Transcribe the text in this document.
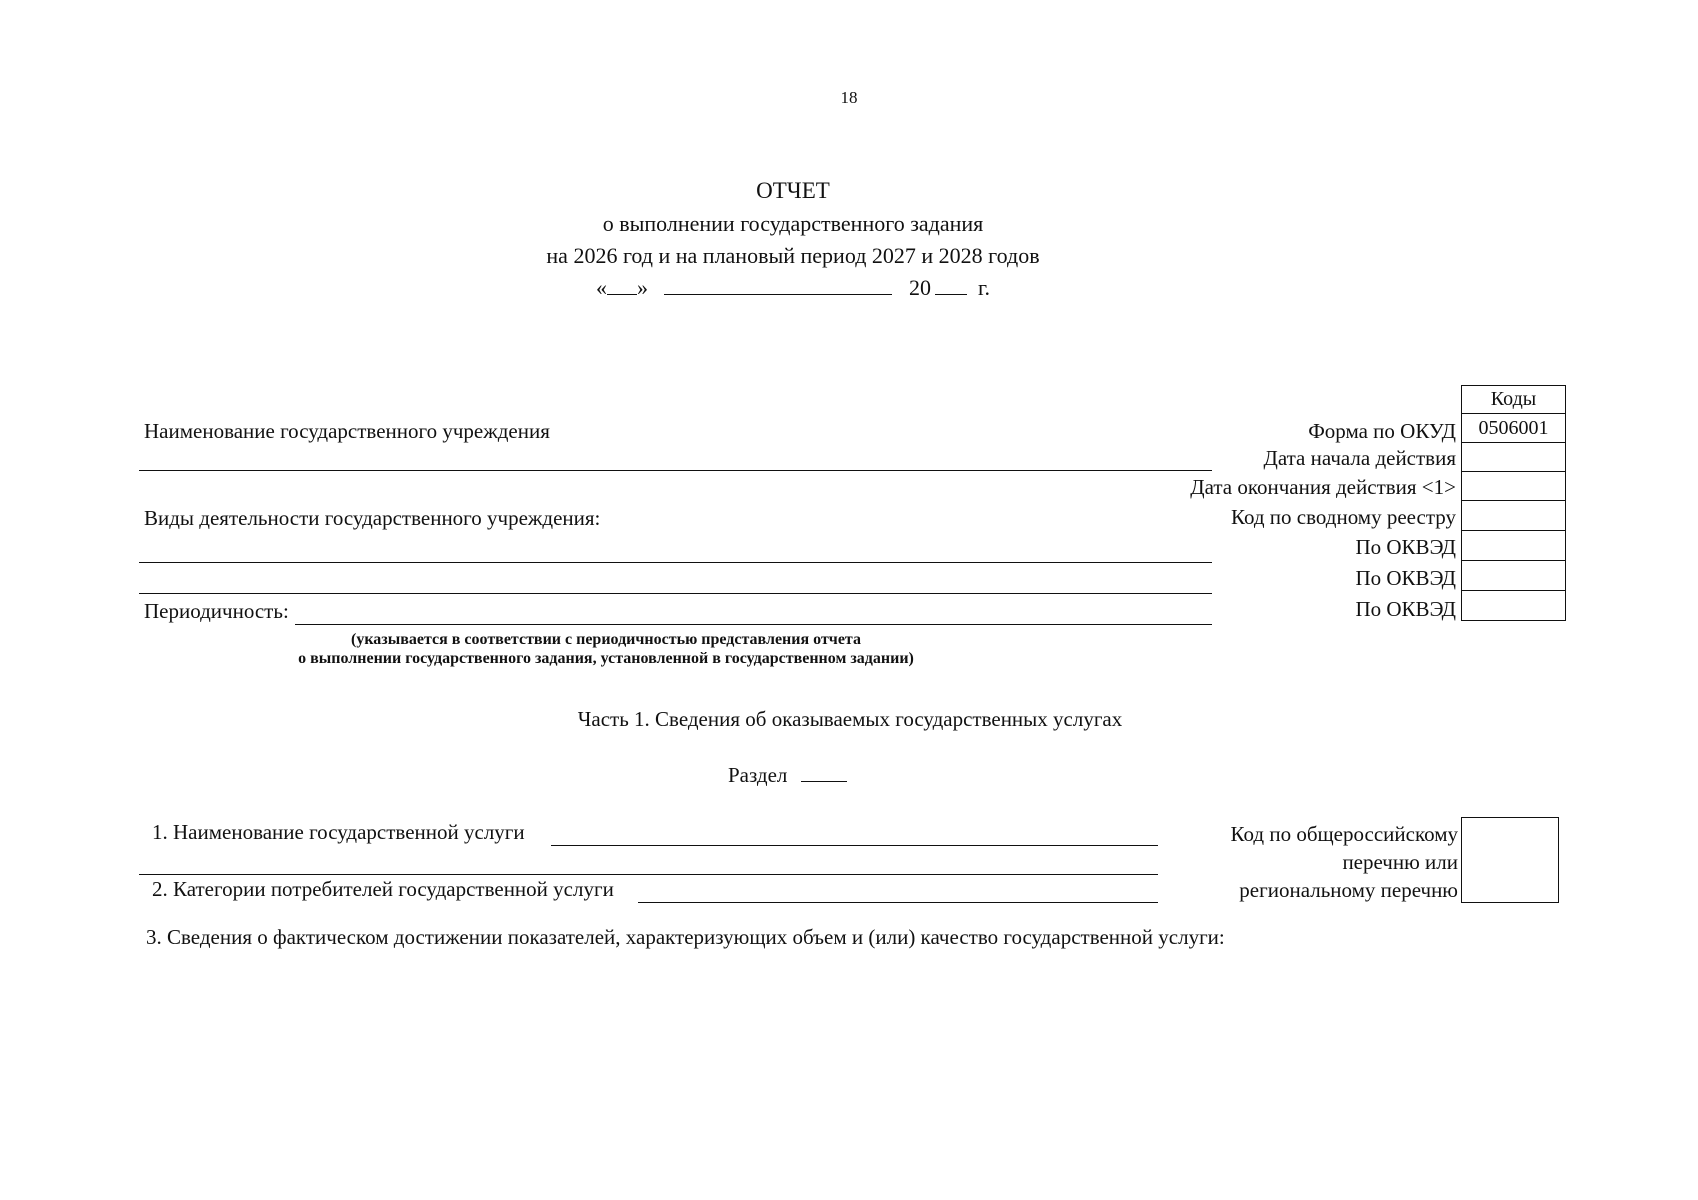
18
ОТЧЕТ
о выполнении государственного задания
на 2026 год и на плановый период 2027 и 2028 годов
« »	20 г.
Коды
Форма по ОКУД	0506001
Дата начала действия
Дата окончания действия <1>
Код по сводному реестру
По ОКВЭД
По ОКВЭД
По ОКВЭД
Наименование государственного учреждения
Виды деятельности государственного учреждения:
Периодичность:
(указывается в соответствии с периодичностью представления отчета
о выполнении государственного задания, установленной в государственном задании)
Часть 1. Сведения об оказываемых государственных услугах
Раздел
1. Наименование государственной услуги
2. Категории потребителей государственной услуги
Код по общероссийскому
перечню или
региональному перечню
3. Сведения о фактическом достижении показателей, характеризующих объем и (или) качество государственной услуги:
